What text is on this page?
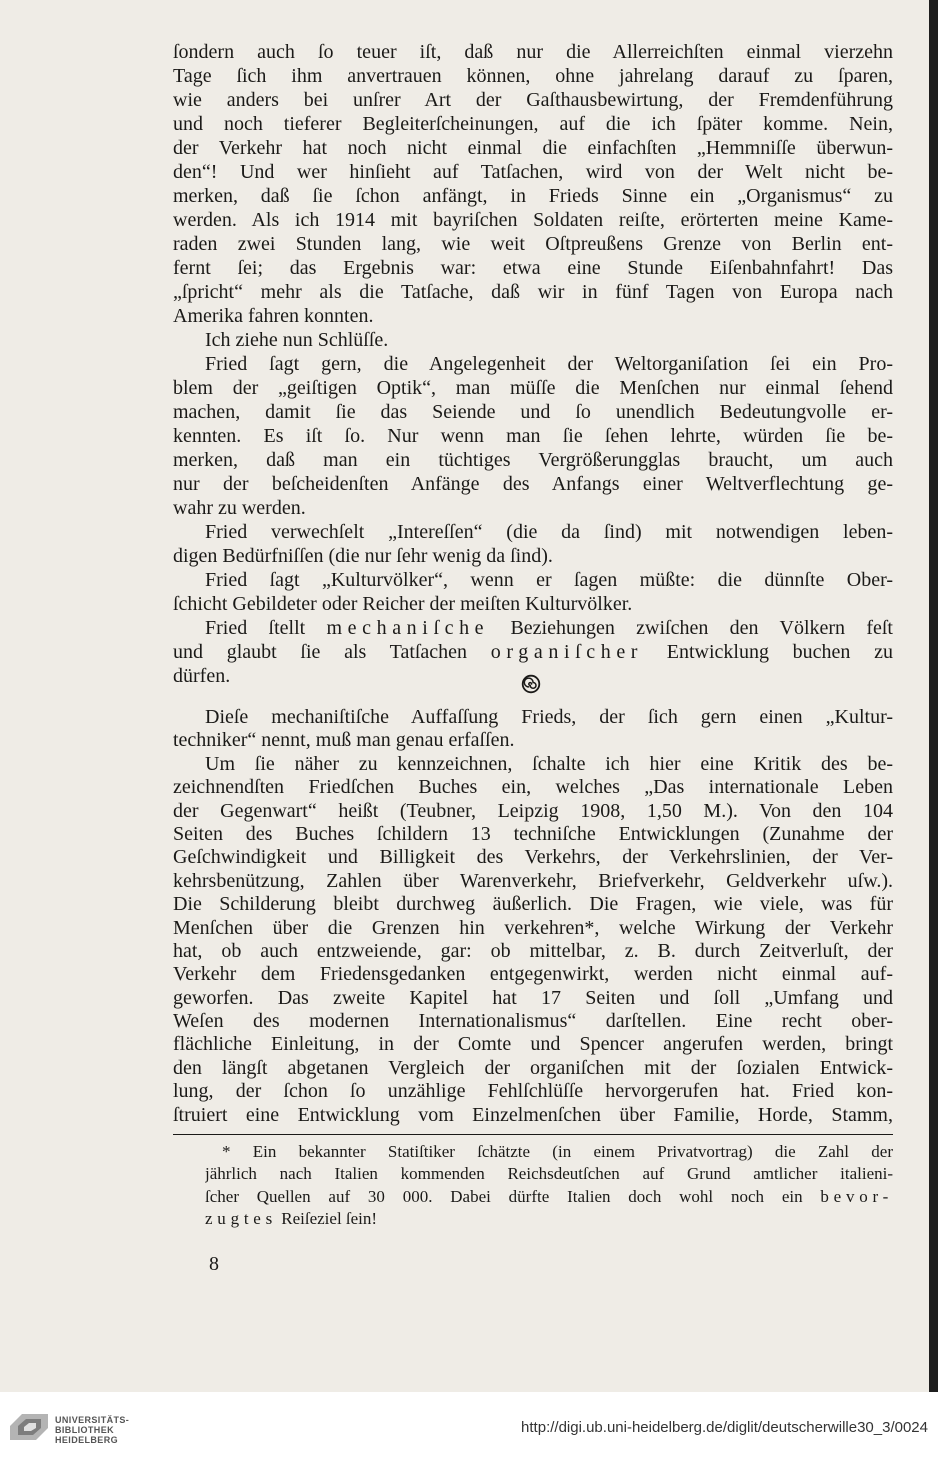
ſondern auch ſo teuer iſt, daß nur die Allerreichſten einmal vierzehn
Tage ſich ihm anvertrauen können, ohne jahrelang darauf zu ſparen,
wie anders bei unſrer Art der Gaſthausbewirtung, der Fremdenführung
und noch tieferer Begleiterſcheinungen, auf die ich ſpäter komme. Nein,
der Verkehr hat noch nicht einmal die einfachſten „Hemmniſſe überwun-
den“! Und wer hinſieht auf Tatſachen, wird von der Welt nicht be-
merken, daß ſie ſchon anfängt, in Frieds Sinne ein „Organismus“ zu
werden. Als ich 1914 mit bayriſchen Soldaten reiſte, erörterten meine Kame-
raden zwei Stunden lang, wie weit Oſtpreußens Grenze von Berlin ent-
fernt ſei; das Ergebnis war: etwa eine Stunde Eiſenbahnfahrt! Das
„ſpricht“ mehr als die Tatſache, daß wir in fünf Tagen von Europa nach
Amerika fahren konnten.
Ich ziehe nun Schlüſſe.
Fried ſagt gern, die Angelegenheit der Weltorganiſation ſei ein Pro-
blem der „geiſtigen Optik“, man müſſe die Menſchen nur einmal ſehend
machen, damit ſie das Seiende und ſo unendlich Bedeutungvolle er-
kennten. Es iſt ſo. Nur wenn man ſie ſehen lehrte, würden ſie be-
merken, daß man ein tüchtiges Vergrößerungglas braucht, um auch
nur der beſcheidenſten Anfänge des Anfangs einer Weltverflechtung ge-
wahr zu werden.
Fried verwechſelt „Intereſſen“ (die da ſind) mit notwendigen leben-
digen Bedürfniſſen (die nur ſehr wenig da ſind).
Fried ſagt „Kulturvölker“, wenn er ſagen müßte: die dünnſte Ober-
ſchicht Gebildeter oder Reicher der meiſten Kulturvölker.
Fried ſtellt mechaniſche Beziehungen zwiſchen den Völkern feſt
und glaubt ſie als Tatſachen organiſcher Entwicklung buchen zu
dürfen.
Dieſe mechaniſtiſche Auffaſſung Frieds, der ſich gern einen „Kultur-
techniker“ nennt, muß man genau erfaſſen.
Um ſie näher zu kennzeichnen, ſchalte ich hier eine Kritik des be-
zeichnendſten Friedſchen Buches ein, welches „Das internationale Leben
der Gegenwart“ heißt (Teubner, Leipzig 1908, 1,50 M.). Von den 104
Seiten des Buches ſchildern 13 techniſche Entwicklungen (Zunahme der
Geſchwindigkeit und Billigkeit des Verkehrs, der Verkehrslinien, der Ver-
kehrsbenützung, Zahlen über Warenverkehr, Briefverkehr, Geldverkehr uſw.).
Die Schilderung bleibt durchweg äußerlich. Die Fragen, wie viele, was für
Menſchen über die Grenzen hin verkehren*, welche Wirkung der Verkehr
hat, ob auch entzweiende, gar: ob mittelbar, z. B. durch Zeitverluſt, der
Verkehr dem Friedensgedanken entgegenwirkt, werden nicht einmal auf-
geworfen. Das zweite Kapitel hat 17 Seiten und ſoll „Umfang und
Weſen des modernen Internationalismus“ darſtellen. Eine recht ober-
flächliche Einleitung, in der Comte und Spencer angerufen werden, bringt
den längſt abgetanen Vergleich der organiſchen mit der ſozialen Entwick-
lung, der ſchon ſo unzählige Fehlſchlüſſe hervorgerufen hat. Fried kon-
ſtruiert eine Entwicklung vom Einzelmenſchen über Familie, Horde, Stamm,
* Ein bekannter Statiſtiker ſchätzte (in einem Privatvortrag) die Zahl der
jährlich nach Italien kommenden Reichsdeutſchen auf Grund amtlicher italieni-
ſcher Quellen auf 30 000. Dabei dürfte Italien doch wohl noch ein bevor-
zugtes Reiſeziel ſein!
8
UNIVERSITÄTS-
BIBLIOTHEK
HEIDELBERG
http://digi.ub.uni-heidelberg.de/diglit/deutscherwille30_3/0024
